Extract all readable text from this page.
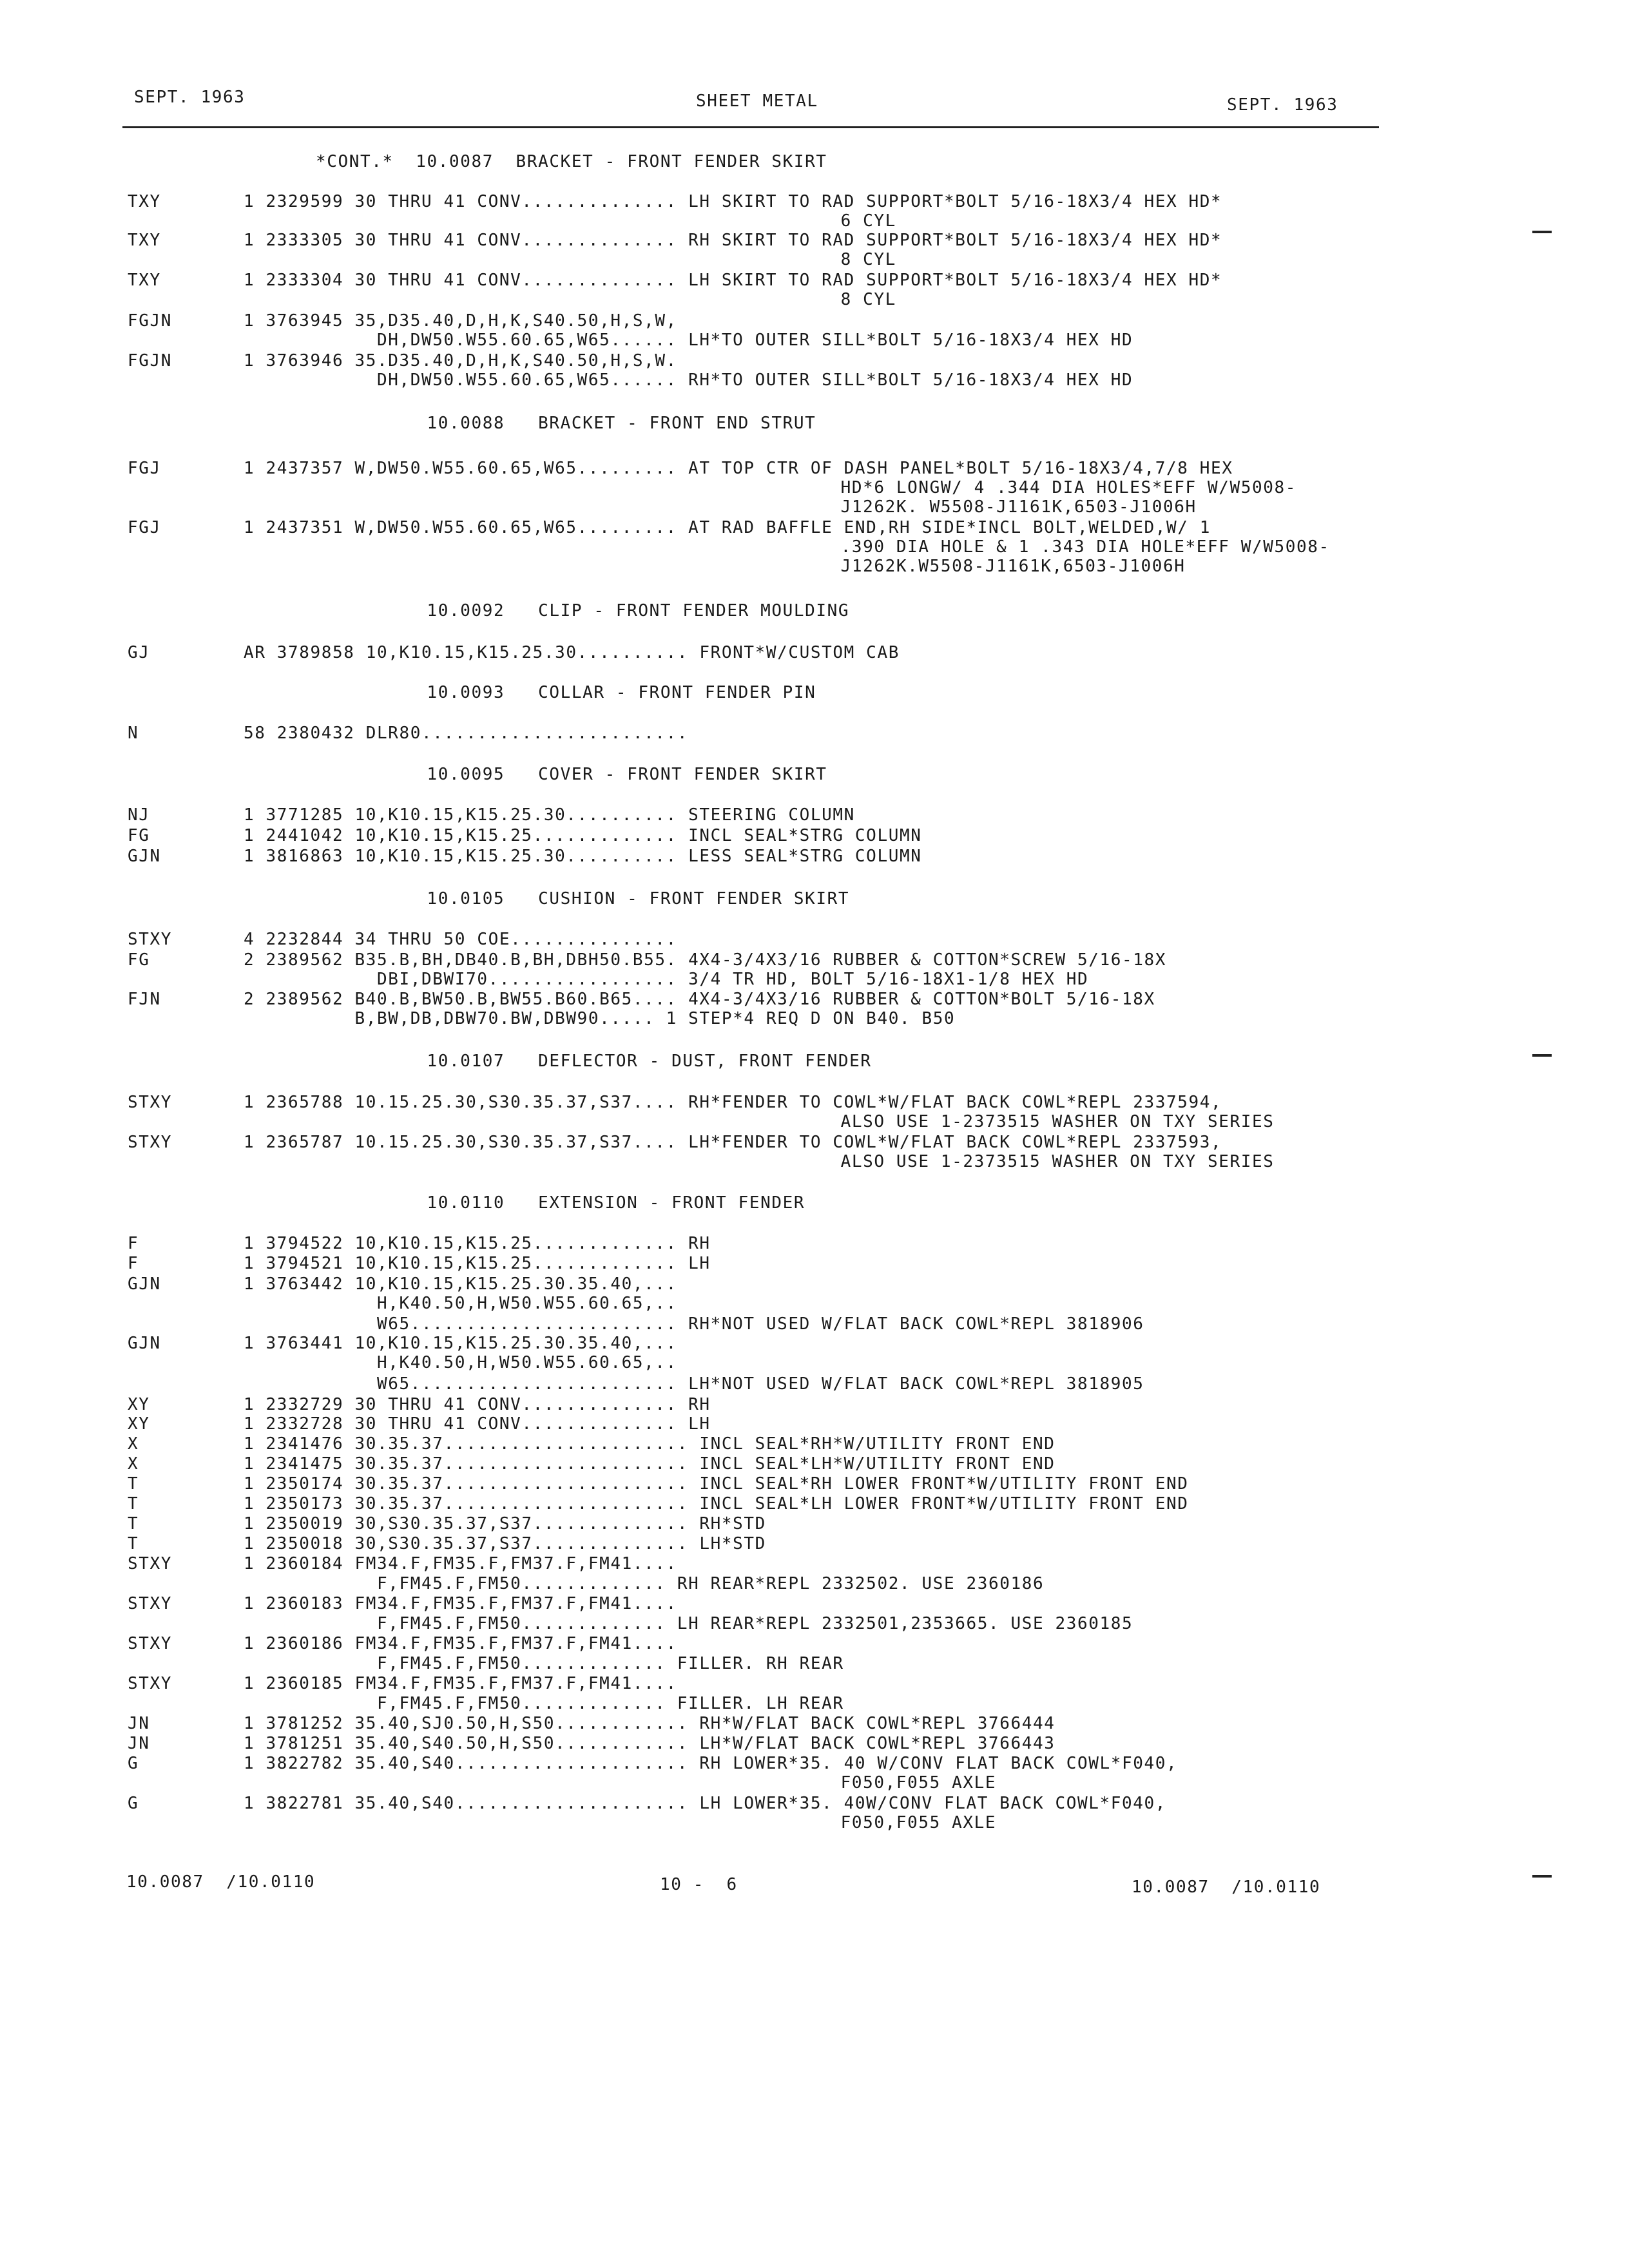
SEPT. 1963	SHEET METAL	SEPT. 1963
*CONT.*  10.0087  BRACKET - FRONT FENDER SKIRT
TXY	1 2329599 30 THRU 41 CONV.............. LH SKIRT TO RAD SUPPORT*BOLT 5/16-18X3/4 HEX HD*
6 CYL
TXY	1 2333305 30 THRU 41 CONV.............. RH SKIRT TO RAD SUPPORT*BOLT 5/16-18X3/4 HEX HD*
8 CYL
TXY	1 2333304 30 THRU 41 CONV.............. LH SKIRT TO RAD SUPPORT*BOLT 5/16-18X3/4 HEX HD*
8 CYL
FGJN	1 3763945 35,D35.40,D,H,K,S40.50,H,S,W,
DH,DW50.W55.60.65,W65...... LH*TO OUTER SILL*BOLT 5/16-18X3/4 HEX HD
FGJN	1 3763946 35.D35.40,D,H,K,S40.50,H,S,W.
DH,DW50.W55.60.65,W65...... RH*TO OUTER SILL*BOLT 5/16-18X3/4 HEX HD
10.0088   BRACKET - FRONT END STRUT
FGJ	1 2437357 W,DW50.W55.60.65,W65......... AT TOP CTR OF DASH PANEL*BOLT 5/16-18X3/4,7/8 HEX
HD*6 LONGW/ 4 .344 DIA HOLES*EFF W/W5008-
J1262K. W5508-J1161K,6503-J1006H
FGJ	1 2437351 W,DW50.W55.60.65,W65......... AT RAD BAFFLE END,RH SIDE*INCL BOLT,WELDED,W/ 1
.390 DIA HOLE & 1 .343 DIA HOLE*EFF W/W5008-
J1262K.W5508-J1161K,6503-J1006H
10.0092   CLIP - FRONT FENDER MOULDING
GJ	AR 3789858 10,K10.15,K15.25.30.......... FRONT*W/CUSTOM CAB
10.0093   COLLAR - FRONT FENDER PIN
N	58 2380432 DLR80........................
10.0095   COVER - FRONT FENDER SKIRT
NJ	1 3771285 10,K10.15,K15.25.30.......... STEERING COLUMN
FG	1 2441042 10,K10.15,K15.25............. INCL SEAL*STRG COLUMN
GJN	1 3816863 10,K10.15,K15.25.30.......... LESS SEAL*STRG COLUMN
10.0105   CUSHION - FRONT FENDER SKIRT
STXY	4 2232844 34 THRU 50 COE...............
FG	2 2389562 B35.B,BH,DB40.B,BH,DBH50.B55. 4X4-3/4X3/16 RUBBER & COTTON*SCREW 5/16-18X
DBI,DBWI70................. 3/4 TR HD, BOLT 5/16-18X1-1/8 HEX HD
FJN	2 2389562 B40.B,BW50.B,BW55.B60.B65.... 4X4-3/4X3/16 RUBBER & COTTON*BOLT 5/16-18X
B,BW,DB,DBW70.BW,DBW90..... 1 STEP*4 REQ D ON B40. B50
10.0107   DEFLECTOR - DUST, FRONT FENDER
STXY	1 2365788 10.15.25.30,S30.35.37,S37.... RH*FENDER TO COWL*W/FLAT BACK COWL*REPL 2337594,
ALSO USE 1-2373515 WASHER ON TXY SERIES
STXY	1 2365787 10.15.25.30,S30.35.37,S37.... LH*FENDER TO COWL*W/FLAT BACK COWL*REPL 2337593,
ALSO USE 1-2373515 WASHER ON TXY SERIES
10.0110   EXTENSION - FRONT FENDER
F	1 3794522 10,K10.15,K15.25............. RH
F	1 3794521 10,K10.15,K15.25............. LH
GJN	1 3763442 10,K10.15,K15.25.30.35.40,...
H,K40.50,H,W50.W55.60.65,..
W65........................ RH*NOT USED W/FLAT BACK COWL*REPL 3818906
GJN	1 3763441 10,K10.15,K15.25.30.35.40,...
H,K40.50,H,W50.W55.60.65,..
W65........................ LH*NOT USED W/FLAT BACK COWL*REPL 3818905
XY	1 2332729 30 THRU 41 CONV.............. RH
XY	1 2332728 30 THRU 41 CONV.............. LH
X	1 2341476 30.35.37...................... INCL SEAL*RH*W/UTILITY FRONT END
X	1 2341475 30.35.37...................... INCL SEAL*LH*W/UTILITY FRONT END
T	1 2350174 30.35.37...................... INCL SEAL*RH LOWER FRONT*W/UTILITY FRONT END
T	1 2350173 30.35.37...................... INCL SEAL*LH LOWER FRONT*W/UTILITY FRONT END
T	1 2350019 30,S30.35.37,S37.............. RH*STD
T	1 2350018 30,S30.35.37,S37.............. LH*STD
STXY	1 2360184 FM34.F,FM35.F,FM37.F,FM41....
F,FM45.F,FM50............. RH REAR*REPL 2332502. USE 2360186
STXY	1 2360183 FM34.F,FM35.F,FM37.F,FM41....
F,FM45.F,FM50............. LH REAR*REPL 2332501,2353665. USE 2360185
STXY	1 2360186 FM34.F,FM35.F,FM37.F,FM41....
F,FM45.F,FM50............. FILLER. RH REAR
STXY	1 2360185 FM34.F,FM35.F,FM37.F,FM41....
F,FM45.F,FM50............. FILLER. LH REAR
JN	1 3781252 35.40,SJ0.50,H,S50............ RH*W/FLAT BACK COWL*REPL 3766444
JN	1 3781251 35.40,S40.50,H,S50............ LH*W/FLAT BACK COWL*REPL 3766443
G	1 3822782 35.40,S40..................... RH LOWER*35. 40 W/CONV FLAT BACK COWL*F040,
F050,F055 AXLE
G	1 3822781 35.40,S40..................... LH LOWER*35. 40W/CONV FLAT BACK COWL*F040,
F050,F055 AXLE
10.0087  /10.0110	10 -  6	10.0087  /10.0110
